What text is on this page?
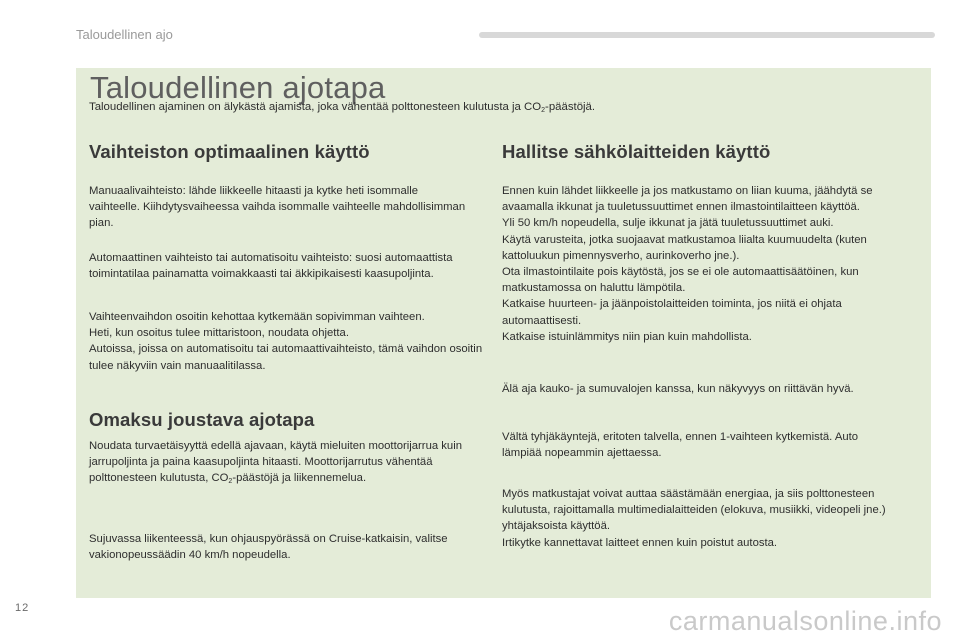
Taloudellinen ajo
Taloudellinen ajotapa
Taloudellinen ajaminen on älykästä ajamista, joka vähentää polttonesteen kulutusta ja $CO_2$-päästöjä.
Vaihteiston optimaalinen käyttö

Manuaalivaihteisto: lähde liikkeelle hitaasti ja kytke heti isommalle vaihteelle. Kiihdytysvaiheessa vaihda isommalle vaihteelle mahdollisimman pian.

Automaattinen vaihteisto tai automatisoitu vaihteisto: suosi automaattista toimintatilaa painamatta voimakkaasti tai äkkipikaisesti kaasupoljinta.

Vaihteenvaihdon osoitin kehottaa kytkemään sopivimman vaihteen.

Heti, kun osoitus tulee mittaristoon, noudata ohjetta.

Autoissa, joissa on automatisoitu tai automaattivaihteisto, tämä vaihdon osoitin tulee näkyviin vain manuaalitilassa.

Omaksu joustava ajotapa

Noudata turvaetäisyyttä edellä ajavaan, käytä mieluiten moottorijarrua kuin jarrupoljinta ja paina kaasupoljinta hitaasti. Moottorijarrutus vähentää polttonesteen kulutusta, $CO_2$-päästöjä ja liikennemelua.

Sujuvassa liikenteessä, kun ohjauspyörässä on Cruise-katkaisin, valitse vakionopeussäädin 40 km/h nopeudella.

Hallitse sähkölaitteiden käyttö

Ennen kuin lähdet liikkeelle ja jos matkustamo on liian kuuma, jäähdytä se avaamalla ikkunat ja tuuletussuuttimet ennen ilmastointilaitteen käyttöä.

Yli 50 km/h nopeudella, sulje ikkunat ja jätä tuuletussuuttimet auki.

Käytä varusteita, jotka suojaavat matkustamoa liialta kuumuudelta (kuten kattoluukun pimennysverho, aurinkoverho jne.).

Ota ilmastointilaite pois käytöstä, jos se ei ole automaattisäätöinen, kun matkustamossa on haluttu lämpötila.

Katkaise huurteen- ja jäänpoistolaitteiden toiminta, jos niitä ei ohjata automaattisesti.

Katkaise istuinlämmitys niin pian kuin mahdollista.

Älä aja kauko- ja sumuvalojen kanssa, kun näkyvyys on riittävän hyvä.

Vältä tyhjäkäyntejä, eritoten talvella, ennen 1-vaihteen kytkemistä. Auto lämpiää nopeammin ajettaessa.

Myös matkustajat voivat auttaa säästämään energiaa, ja siis polttonesteen kulutusta, rajoittamalla multimedialaitteiden (elokuva, musiikki, videopeli jne.) yhtäjaksoista käyttöä.

Irtikytke kannettavat laitteet ennen kuin poistut autosta.

12	carmanualsonline.info
